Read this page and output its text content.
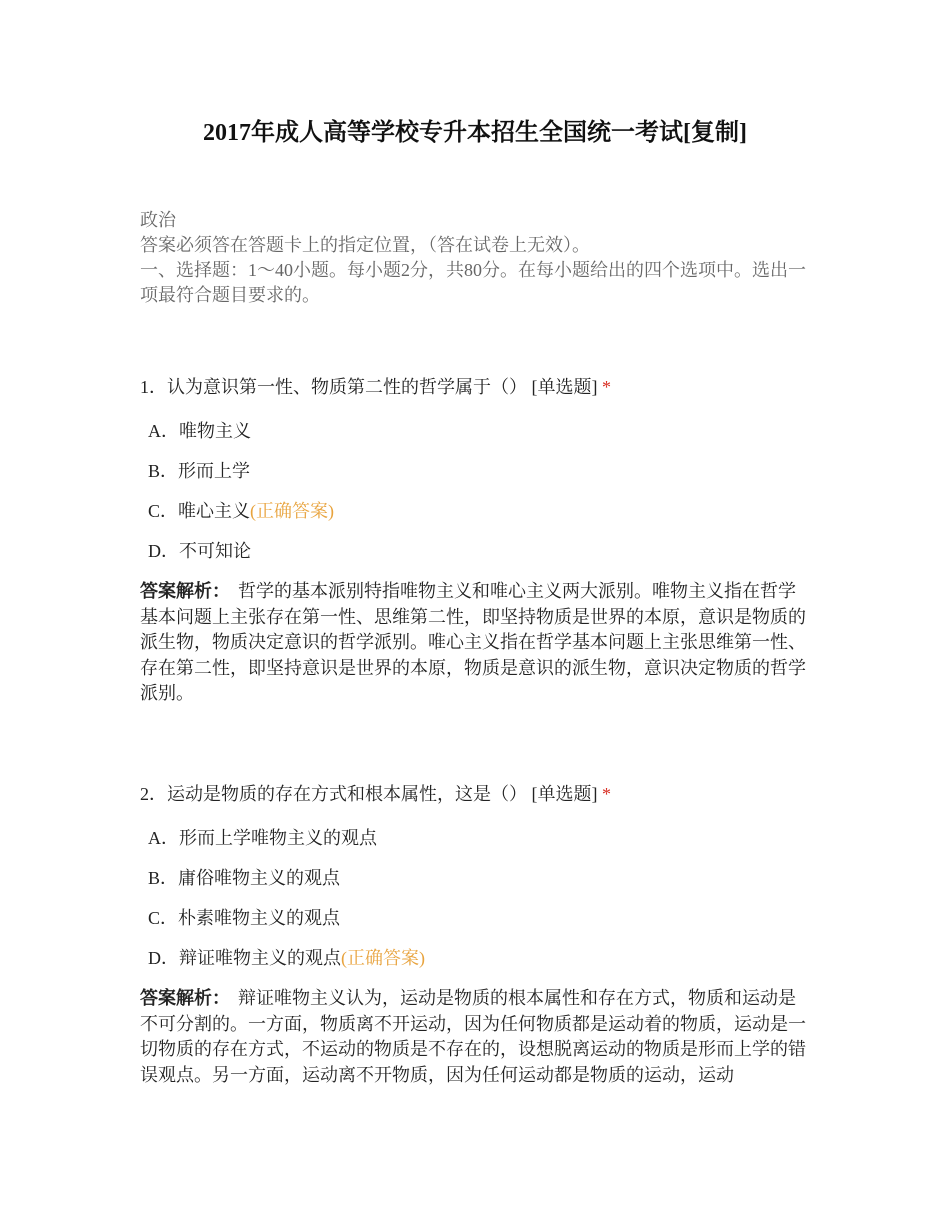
2017年成人高等学校专升本招生全国统一考试[复制]
政治
答案必须答在答题卡上的指定位置，（答在试卷上无效）。
一、选择题：1～40小题。每小题2分，共80分。在每小题给出的四个选项中。选出一项最符合题目要求的。
1．认为意识第一性、物质第二性的哲学属于（） [单选题] *
A．唯物主义
B．形而上学
C．唯心主义(正确答案)
D．不可知论
答案解析： 哲学的基本派别特指唯物主义和唯心主义两大派别。唯物主义指在哲学基本问题上主张存在第一性、思维第二性，即坚持物质是世界的本原，意识是物质的派生物，物质决定意识的哲学派别。唯心主义指在哲学基本问题上主张思维第一性、存在第二性，即坚持意识是世界的本原，物质是意识的派生物，意识决定物质的哲学派别。
2．运动是物质的存在方式和根本属性，这是（） [单选题] *
A．形而上学唯物主义的观点
B．庸俗唯物主义的观点
C．朴素唯物主义的观点
D．辩证唯物主义的观点(正确答案)
答案解析： 辩证唯物主义认为，运动是物质的根本属性和存在方式，物质和运动是不可分割的。一方面，物质离不开运动，因为任何物质都是运动着的物质，运动是一切物质的存在方式，不运动的物质是不存在的，设想脱离运动的物质是形而上学的错误观点。另一方面，运动离不开物质，因为任何运动都是物质的运动，运动
